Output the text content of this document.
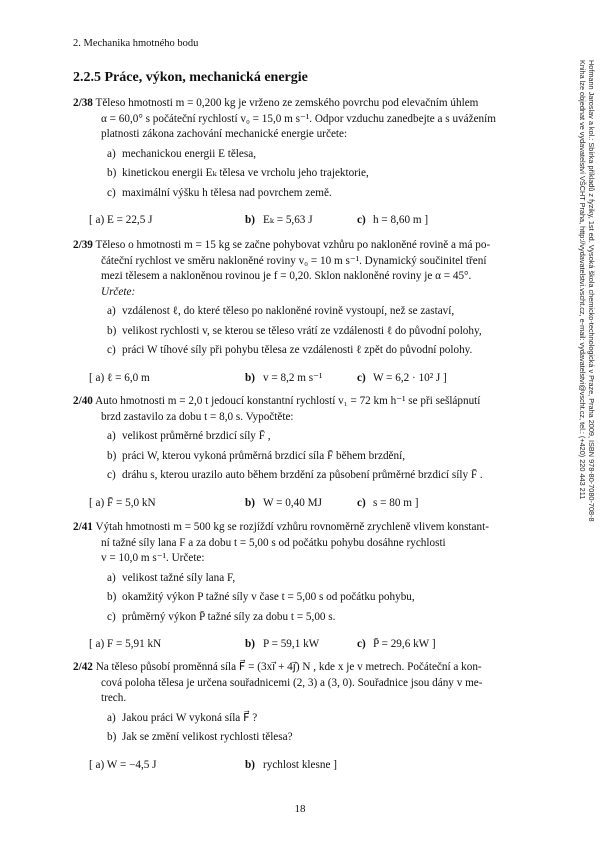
2. Mechanika hmotného bodu
2.2.5 Práce, výkon, mechanická energie	Hofmann Jaroslav a kol.: Sbírka příkladů z fyziky, 1st ed. Vysoká škola chemicko-technologická v Praze, Praha 2009, ISBN 978-80-7080-708-8
Kniha lze objednat ve vydavatelství VŠCHT Praha, http://vydavatelstvi.vscht.cz, e-mail: vydavatelstvi@vscht.cz, tel.: (+420) 220 443 211

2/38 Těleso hmotnosti m = 0,200 kg je vrženo ze zemského povrchu pod elevačním úhlem

α = 60,0° s počáteční rychlostí v₀ = 15,0 m s⁻¹. Odpor vzduchu zanedbejte a s uvážením

platnosti zákona zachování mechanické energie určete:

a) mechanickou energii E tělesa,
b) kinetickou energii Eₖ tělesa ve vrcholu jeho trajektorie,
c) maximální výšku h tělesa nad povrchem země.
[ a) E = 22,5 J	b) Eₖ = 5,63 J	c) h = 8,60 m ]

2/39 Těleso o hmotnosti m = 15 kg se začne pohybovat vzhůru po nakloněné rovině a má po-

čáteční rychlost ve směru nakloněné roviny v₀ = 10 m s⁻¹. Dynamický součinitel tření

mezi tělesem a nakloněnou rovinou je f = 0,20. Sklon nakloněné roviny je α = 45°.

Určete:

a) vzdálenost ℓ, do které těleso po nakloněné rovině vystoupí, než se zastaví,
b) velikost rychlosti v, se kterou se těleso vrátí ze vzdálenosti ℓ do původní polohy,
c) práci W tíhové síly při pohybu tělesa ze vzdálenosti ℓ zpět do původní polohy.
[ a) ℓ = 6,0 m	b) v = 8,2 m s⁻¹	c) W = 6,2 · 10² J ]

2/40 Auto hmotnosti m = 2,0 t jedoucí konstantní rychlostí v₁ = 72 km h⁻¹ se při sešlápnutí

brzd zastavilo za dobu t = 8,0 s. Vypočtěte:

a) velikost průměrné brzdicí síly F̄ ,
b) práci W, kterou vykoná průměrná brzdicí síla F̄ během brzdění,
c) dráhu s, kterou urazilo auto během brzdění za působení průměrné brzdicí síly F̄ .
[ a) F̄ = 5,0 kN	b) W = 0,40 MJ	c) s = 80 m ]

2/41 Výtah hmotnosti m = 500 kg se rozjíždí vzhůru rovnoměrně zrychleně vlivem konstant-

ní tažné síly lana F a za dobu t = 5,00 s od počátku pohybu dosáhne rychlosti

v = 10,0 m s⁻¹. Určete:

a) velikost tažné síly lana F,
b) okamžitý výkon P tažné síly v čase t = 5,00 s od počátku pohybu,
c) průměrný výkon P̄ tažné síly za dobu t = 5,00 s.
[ a) F = 5,91 kN	b) P = 59,1 kW	c) P̄ = 29,6 kW ]

2/42 Na těleso působí proměnná síla F⃗ = (3xi⃗ + 4j⃗) N , kde x je v metrech. Počáteční a kon-

cová poloha tělesa je určena souřadnicemi (2, 3) a (3, 0). Souřadnice jsou dány v me-

trech.

a) Jakou práci W vykoná síla F⃗ ?
b) Jak se změní velikost rychlosti tělesa?
[ a) W = −4,5 J	b) rychlost klesne ]
18
